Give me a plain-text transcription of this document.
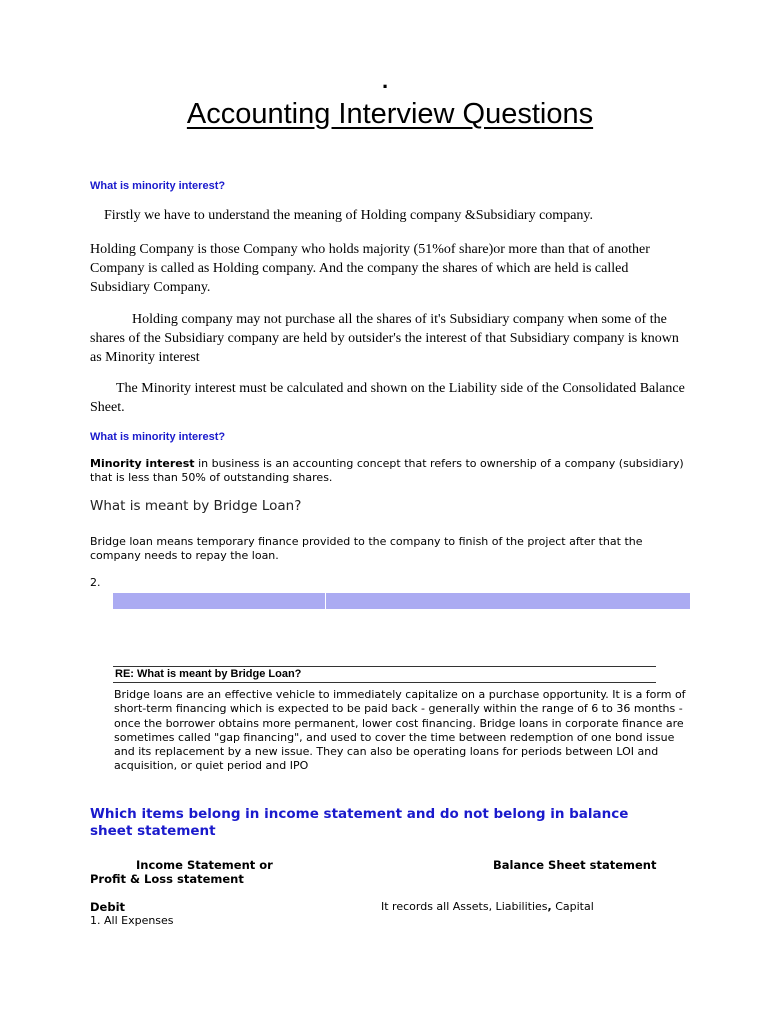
.
Accounting Interview Questions
What is minority interest?
Firstly we have to understand the meaning of Holding company &Subsidiary company.
Holding Company is those Company who holds majority (51%of share)or more than that of another Company is called as Holding company. And the company the shares of which are held is called Subsidiary Company.
Holding company may not purchase all the shares of it's Subsidiary company when some of the shares of the Subsidiary company are held by outsider's the interest of that Subsidiary company is known as Minority interest
The Minority interest must be calculated and shown on the Liability side of the Consolidated Balance Sheet.
What is minority interest?
Minority interest in business is an accounting concept that refers to ownership of a company (subsidiary) that is less than 50% of outstanding shares.
What is meant by Bridge Loan?
Bridge loan means temporary finance provided to the company to finish of the project after that the company needs to repay the loan.
2.
RE: What is meant by Bridge Loan?
Bridge loans are an effective vehicle to immediately capitalize on a purchase opportunity. It is a form of short-term financing which is expected to be paid back - generally within the range of 6 to 36 months - once the borrower obtains more permanent, lower cost financing. Bridge loans in corporate finance are sometimes called "gap financing", and used to cover the time between redemption of one bond issue and its replacement by a new issue. They can also be operating loans for periods between LOI and acquisition, or quiet period and IPO
Which items belong in income statement and do not belong in balance sheet statement
Income Statement or
Profit & Loss statement
Balance Sheet statement
Debit
1. All Expenses
It records all Assets, Liabilities, Capital
